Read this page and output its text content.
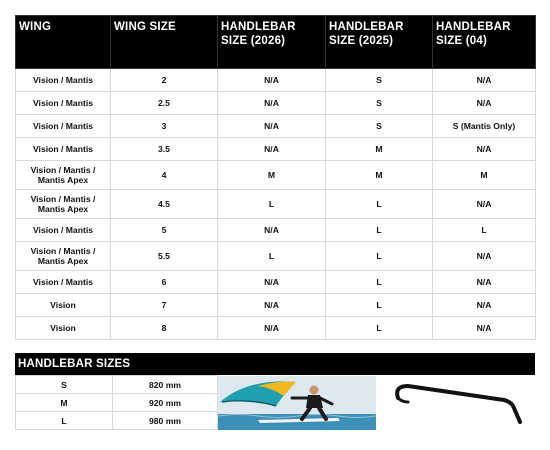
WING	WING SIZE	HANDLEBAR SIZE (2026)	HANDLEBAR SIZE (2025)	HANDLEBAR SIZE (04)
Vision / Mantis	2	N/A	S	N/A
Vision / Mantis	2.5	N/A	S	N/A
Vision / Mantis	3	N/A	S	S (Mantis Only)
Vision / Mantis	3.5	N/A	M	N/A
Vision / Mantis / Mantis Apex	4	M	M	M
Vision / Mantis / Mantis Apex	4.5	L	L	N/A
Vision / Mantis	5	N/A	L	L
Vision / Mantis / Mantis Apex	5.5	L	L	N/A
Vision / Mantis	6	N/A	L	N/A
Vision	7	N/A	L	N/A
Vision	8	N/A	L	N/A
HANDLEBAR SIZES
S	820 mm
M	920 mm
L	980 mm
